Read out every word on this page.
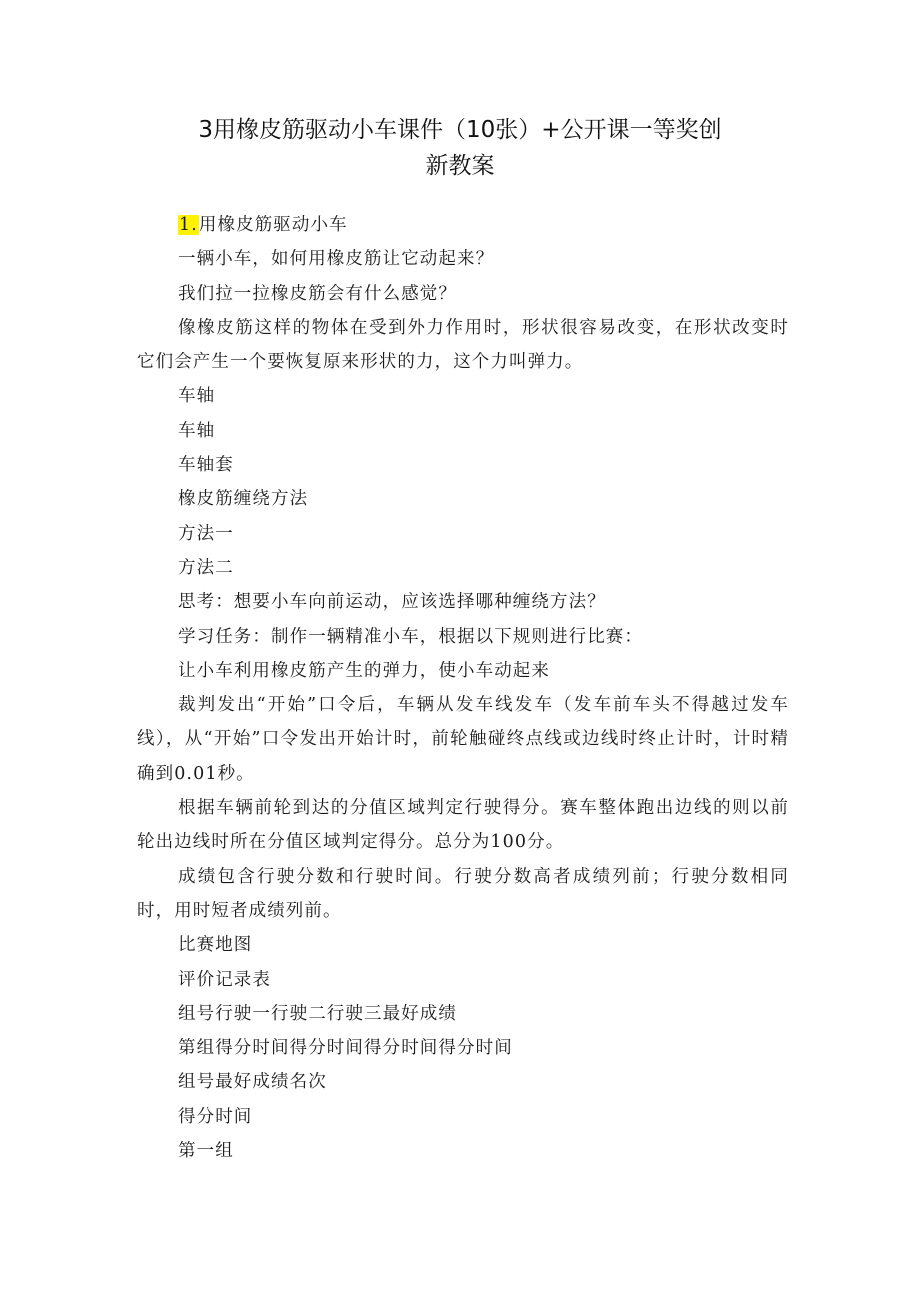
3用橡皮筋驱动小车课件（10张）+公开课一等奖创
新教案

1.用橡皮筋驱动小车

一辆小车，如何用橡皮筋让它动起来？

我们拉一拉橡皮筋会有什么感觉？

像橡皮筋这样的物体在受到外力作用时，形状很容易改变，在形状改变时它们会产生一个要恢复原来形状的力，这个力叫弹力。

车轴

车轴

车轴套

橡皮筋缠绕方法

方法一

方法二

思考：想要小车向前运动，应该选择哪种缠绕方法？

学习任务：制作一辆精准小车，根据以下规则进行比赛：

让小车利用橡皮筋产生的弹力，使小车动起来

裁判发出“开始”口令后，车辆从发车线发车（发车前车头不得越过发车线），从“开始”口令发出开始计时，前轮触碰终点线或边线时终止计时，计时精确到0.01秒。

根据车辆前轮到达的分值区域判定行驶得分。赛车整体跑出边线的则以前轮出边线时所在分值区域判定得分。总分为100分。

成绩包含行驶分数和行驶时间。行驶分数高者成绩列前；行驶分数相同时，用时短者成绩列前。

比赛地图

评价记录表

组号行驶一行驶二行驶三最好成绩

第组得分时间得分时间得分时间得分时间

组号最好成绩名次

得分时间

第一组
